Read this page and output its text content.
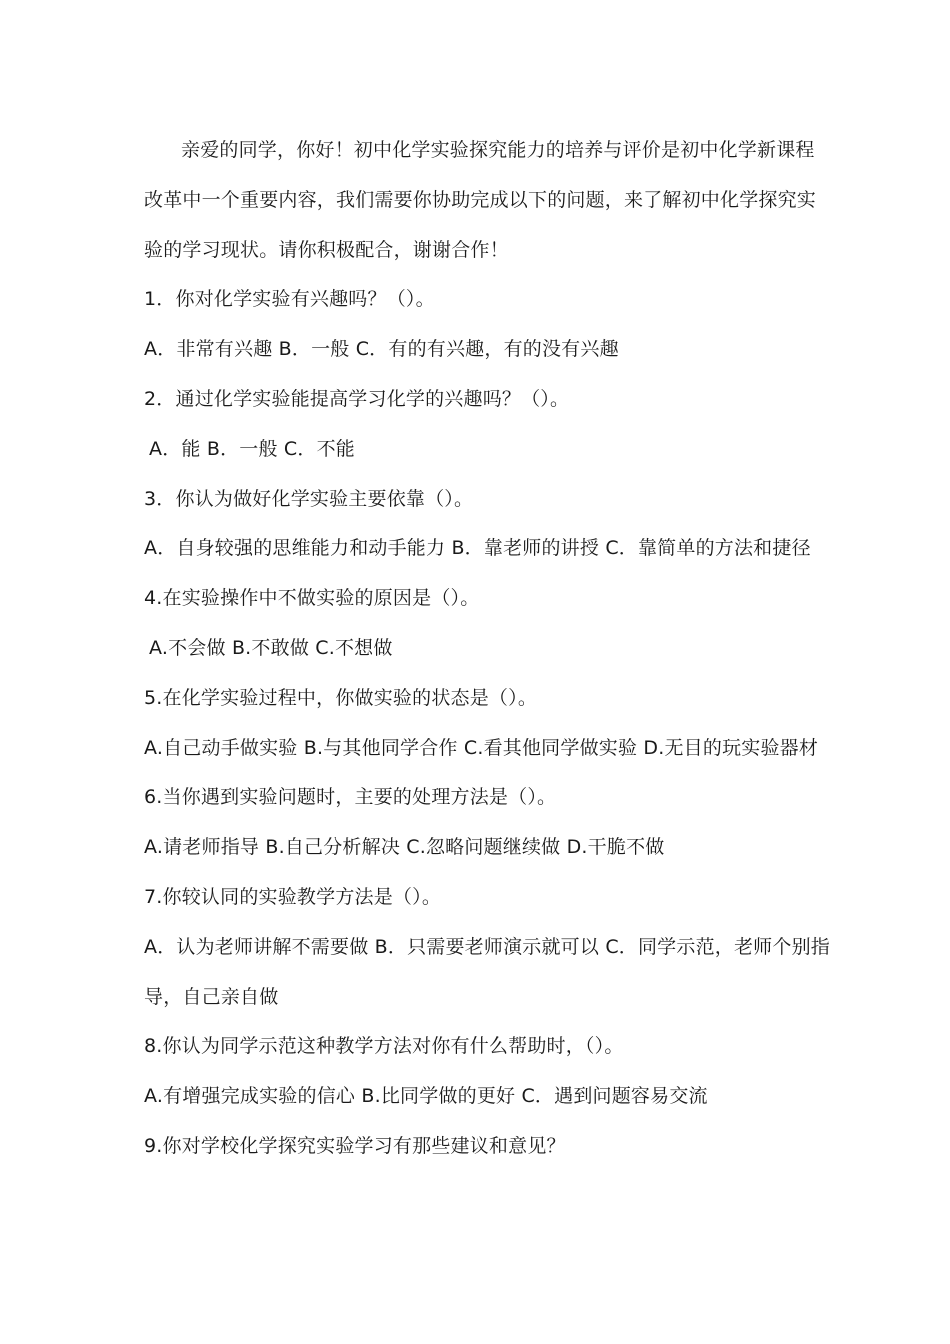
亲爱的同学，你好！初中化学实验探究能力的培养与评价是初中化学新课程
改革中一个重要内容，我们需要你协助完成以下的问题，来了解初中化学探究实
验的学习现状。请你积极配合，谢谢合作！
1．你对化学实验有兴趣吗？（）。
A．非常有兴趣 B．一般 C．有的有兴趣，有的没有兴趣
2．通过化学实验能提高学习化学的兴趣吗？（）。
A．能 B．一般 C．不能
3．你认为做好化学实验主要依靠（）。
A．自身较强的思维能力和动手能力 B．靠老师的讲授 C．靠简单的方法和捷径
4.在实验操作中不做实验的原因是（）。
A.不会做 B.不敢做 C.不想做
5.在化学实验过程中，你做实验的状态是（）。
A.自己动手做实验 B.与其他同学合作 C.看其他同学做实验 D.无目的玩实验器材
6.当你遇到实验问题时，主要的处理方法是（）。
A.请老师指导 B.自己分析解决 C.忽略问题继续做 D.干脆不做
7.你较认同的实验教学方法是（）。
A．认为老师讲解不需要做 B．只需要老师演示就可以 C．同学示范，老师个别指
导，自己亲自做
8.你认为同学示范这种教学方法对你有什么帮助时，（）。
A.有增强完成实验的信心 B.比同学做的更好 C．遇到问题容易交流
9.你对学校化学探究实验学习有那些建议和意见？
